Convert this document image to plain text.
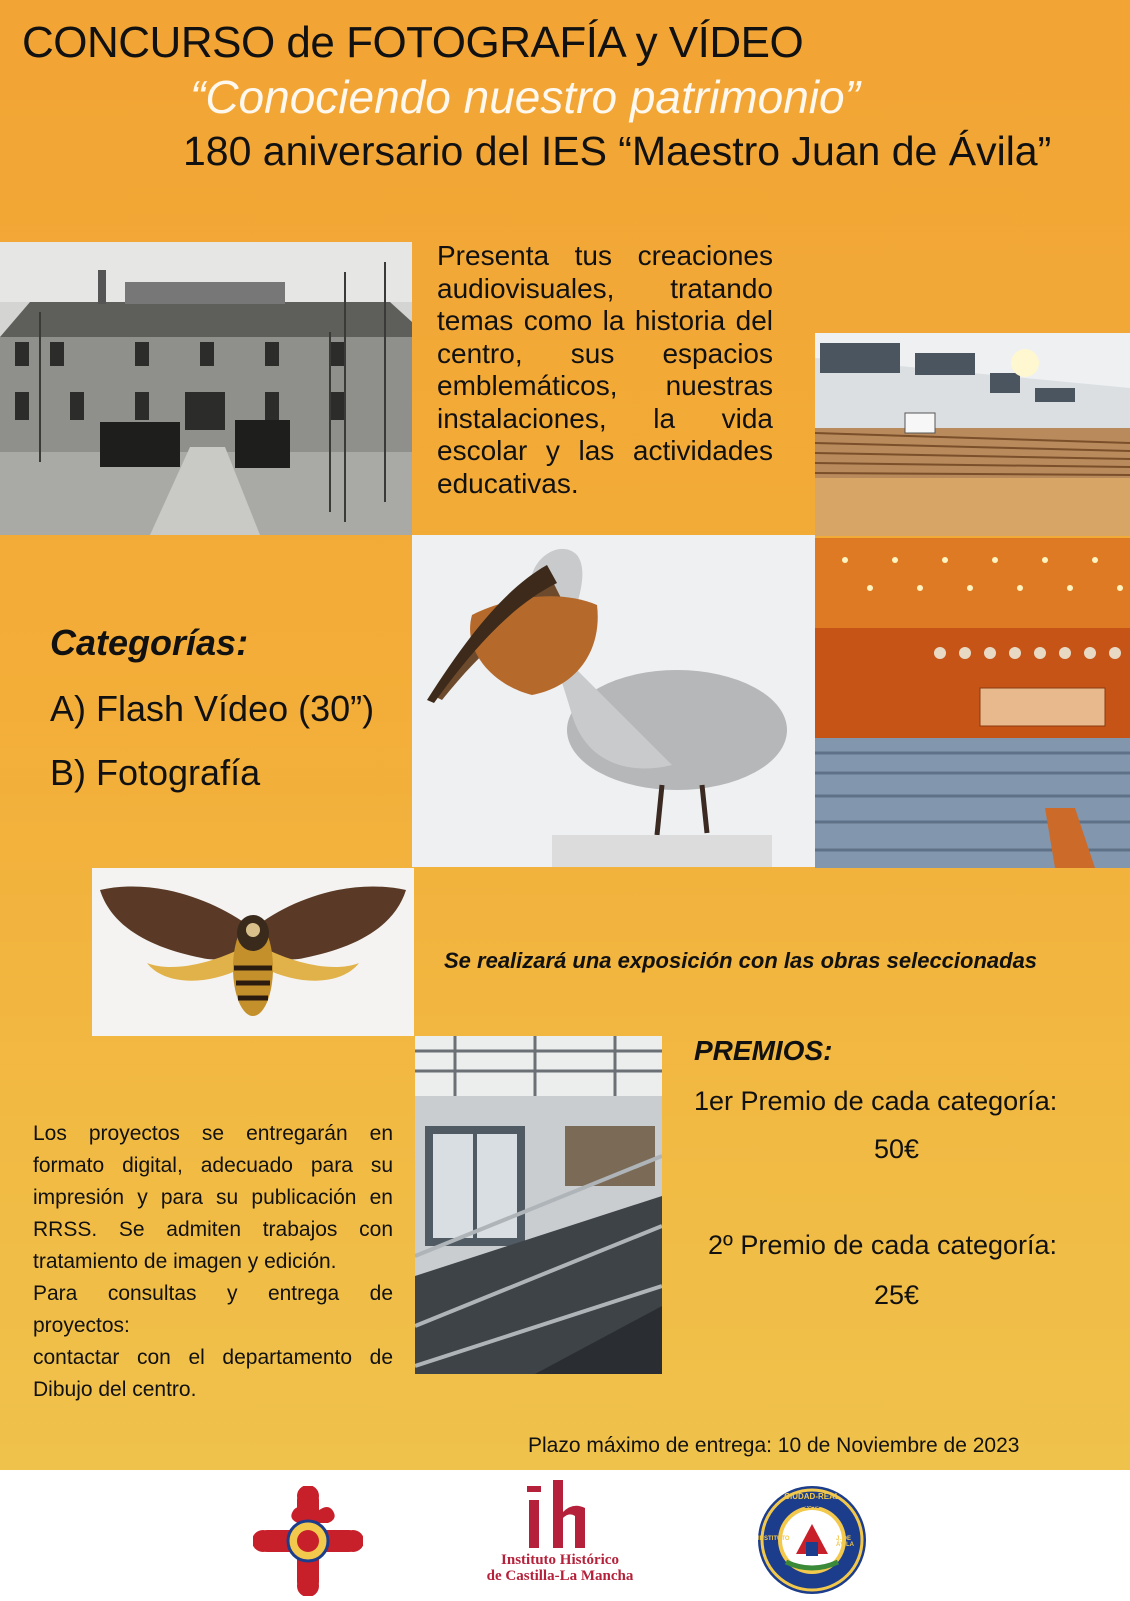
CONCURSO de FOTOGRAFÍA y VÍDEO
“Conociendo nuestro patrimonio”
180 aniversario del IES “Maestro Juan de Ávila”
Presenta tus creaciones audiovisuales, tratando temas como la historia del centro, sus espacios emblemáticos, nuestras instalaciones, la vida escolar y las actividades educativas.
Categorías:
A) Flash Vídeo (30”)
B) Fotografía
Se realizará una exposición con las obras seleccionadas
PREMIOS:
1er Premio de cada categoría:
50€
2º Premio de cada categoría:
25€

Los proyectos se entregarán en formato digital, adecuado para su impresión y para su publicación en RRSS. Se admiten trabajos con tratamiento de imagen y edición.

Para consultas y entrega de proyectos:

contactar con el departamento de Dibujo del centro.

Plazo máximo de entrega: 10 de Noviembre de 2023
Instituto Histórico
de Castilla-La Mancha
CIUDAD-REAL
1843
INSTITUTO	J. DE ÁVILA
